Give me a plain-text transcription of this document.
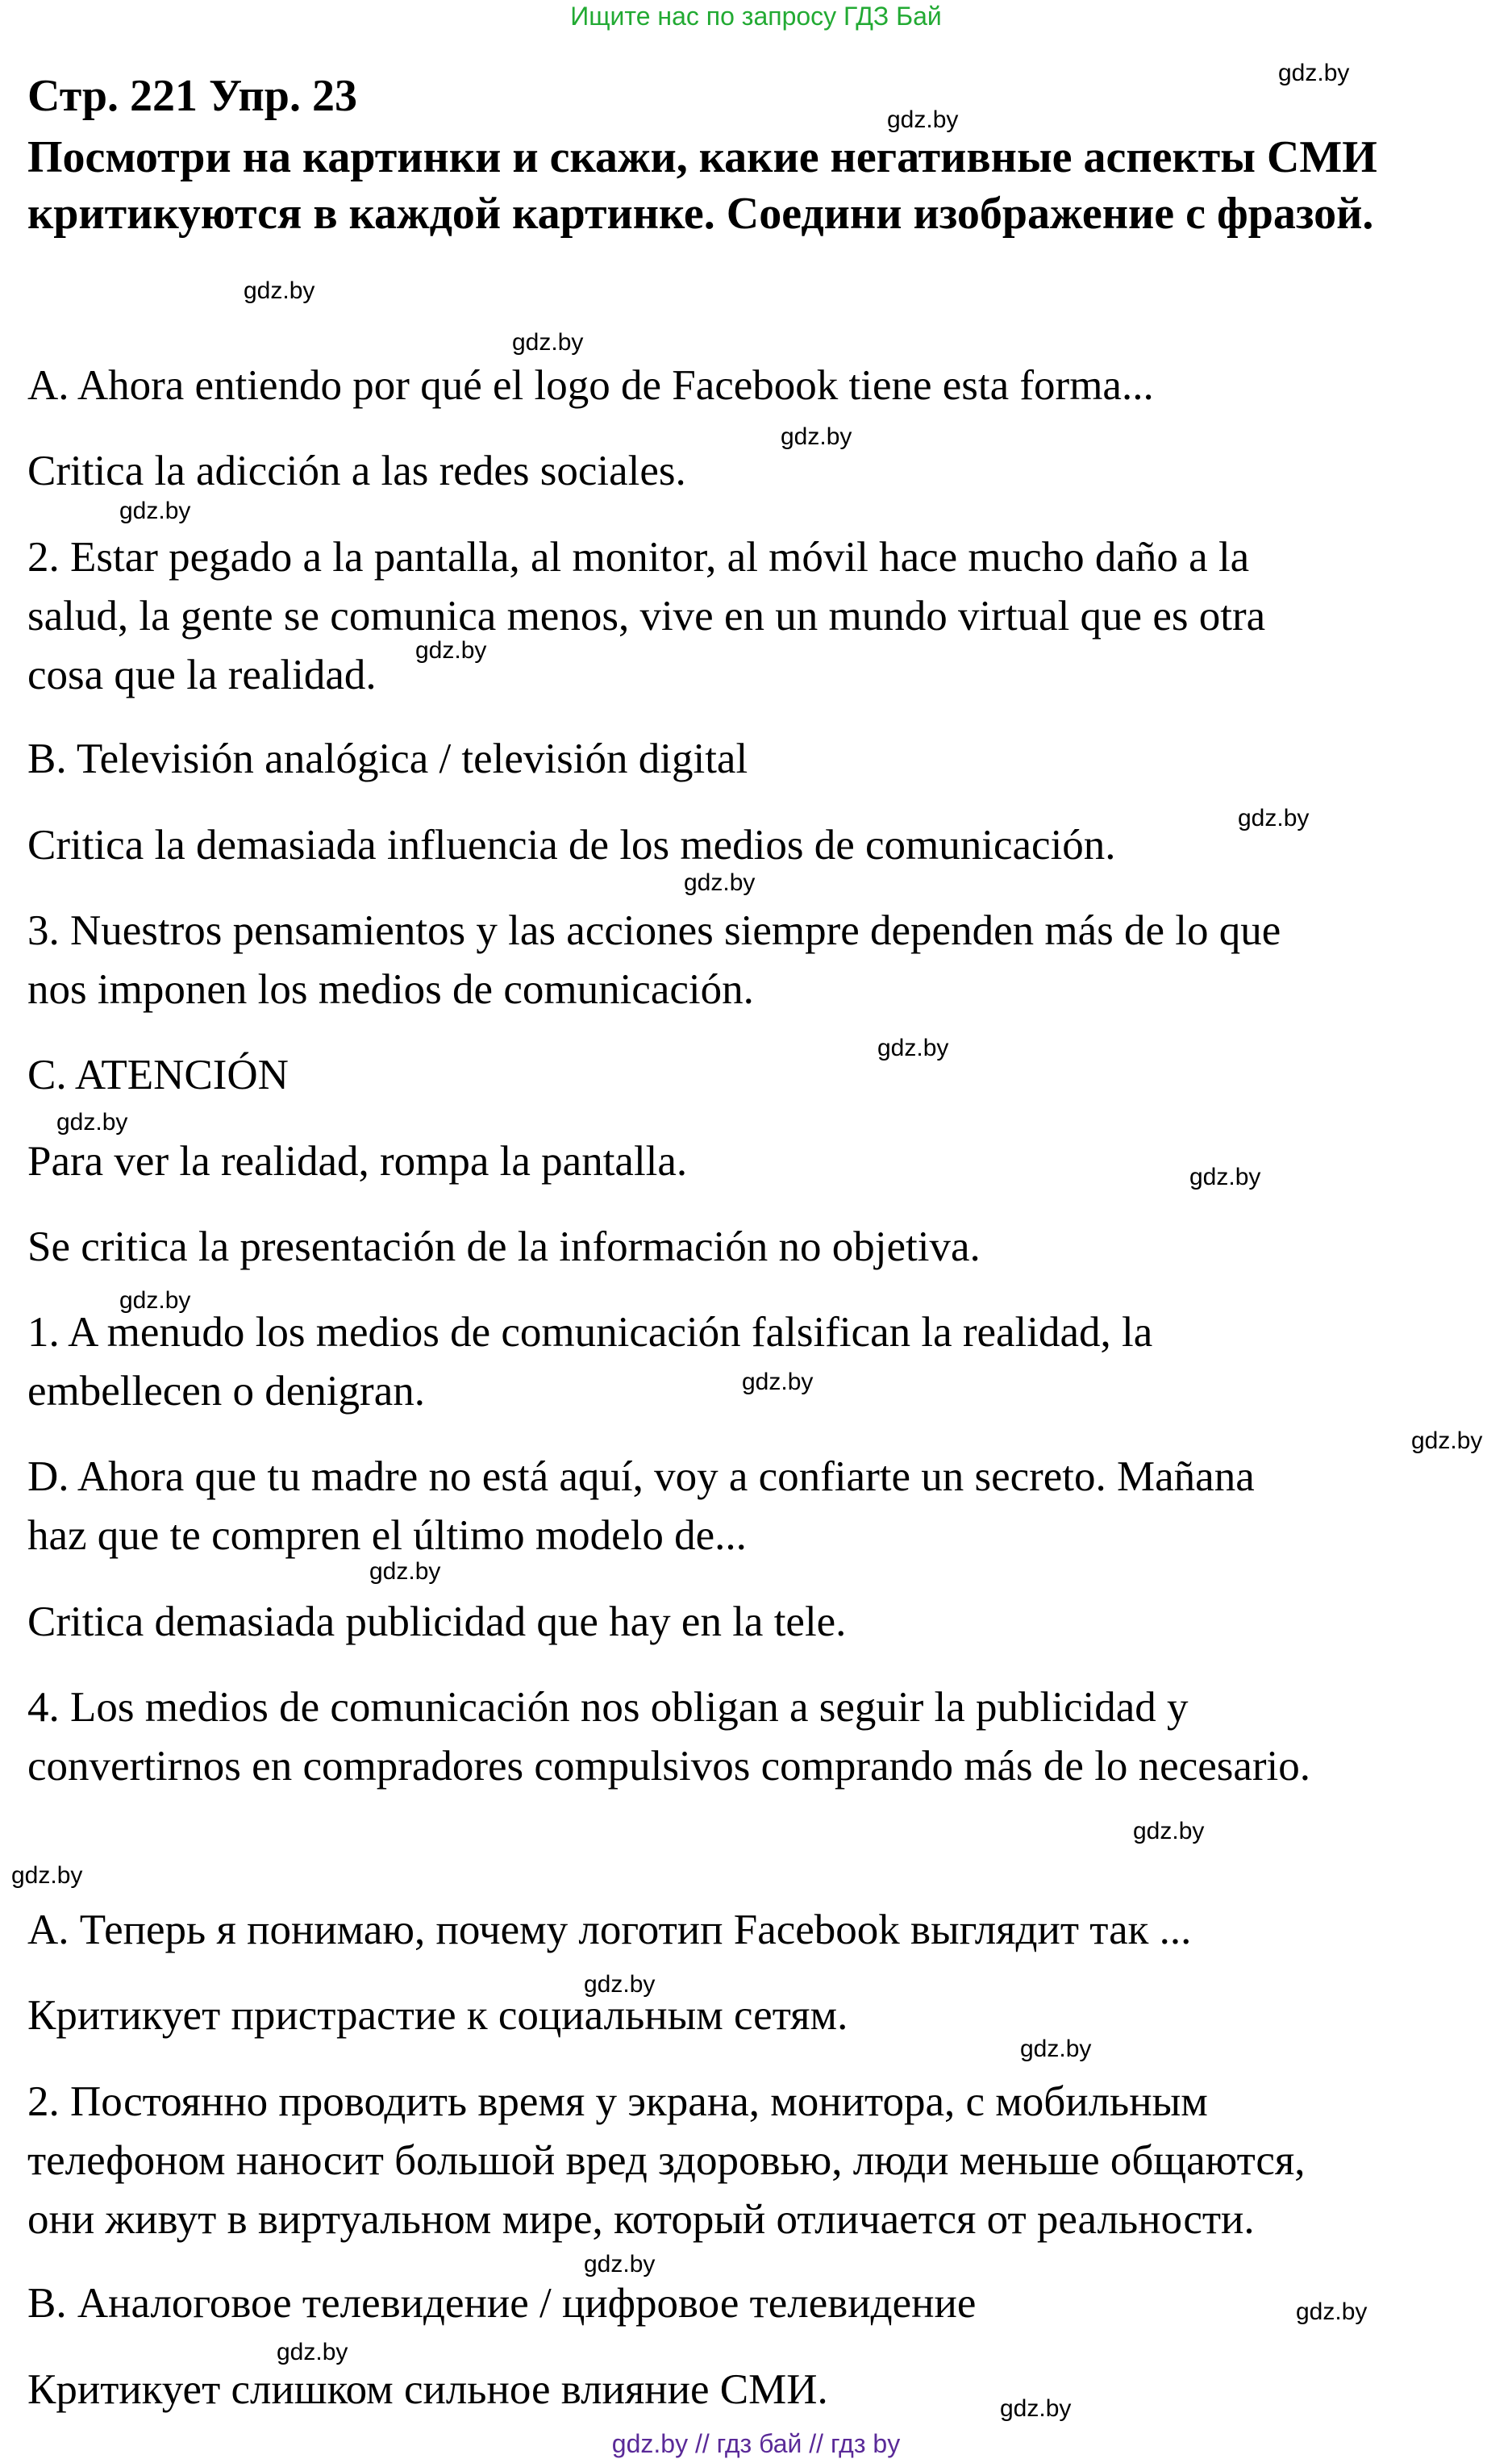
Ищите нас по запросу ГДЗ Бай
Стр. 221 Упр. 23
Посмотри на картинки и скажи, какие негативные аспекты СМИ
критикуются в каждой картинке. Соедини изображение с фразой.
A. Ahora entiendo por qué el logo de Facebook tiene esta forma...
Critica la adicción a las redes sociales.
2. Estar pegado a la pantalla, al monitor, al móvil hace mucho daño a la
salud, la gente se comunica menos, vive en un mundo virtual que es otra
cosa que la realidad.
B. Televisión analógica / televisión digital
Critica la demasiada influencia de los medios de comunicación.
3. Nuestros pensamientos y las acciones siempre dependen más de lo que
nos imponen los medios de comunicación.
C. ATENCIÓN
Para ver la realidad, rompa la pantalla.
Se critica la presentación de la información no objetiva.
1. A menudo los medios de comunicación falsifican la realidad, la
embellecen o denigran.
D. Ahora que tu madre no está aquí, voy a confiarte un secreto. Mañana
haz que te compren el último modelo de...
Critica demasiada publicidad que hay en la tele.
4. Los medios de comunicación nos obligan a seguir la publicidad y
convertirnos en compradores compulsivos comprando más de lo necesario.
А. Теперь я понимаю, почему логотип Facebook выглядит так ...
Критикует пристрастие к социальным сетям.
2. Постоянно проводить время у экрана, монитора, с мобильным
телефоном наносит большой вред здоровью, люди меньше общаются,
они живут в виртуальном мире, который отличается от реальности.
В. Аналоговое телевидение / цифровое телевидение
Критикует слишком сильное влияние СМИ.
gdz.by
gdz.by
gdz.by
gdz.by
gdz.by
gdz.by
gdz.by
gdz.by
gdz.by
gdz.by
gdz.by
gdz.by
gdz.by
gdz.by
gdz.by
gdz.by
gdz.by
gdz.by
gdz.by
gdz.by
gdz.by
gdz.by
gdz.by
gdz.by
gdz.by // гдз бай // гдз by
